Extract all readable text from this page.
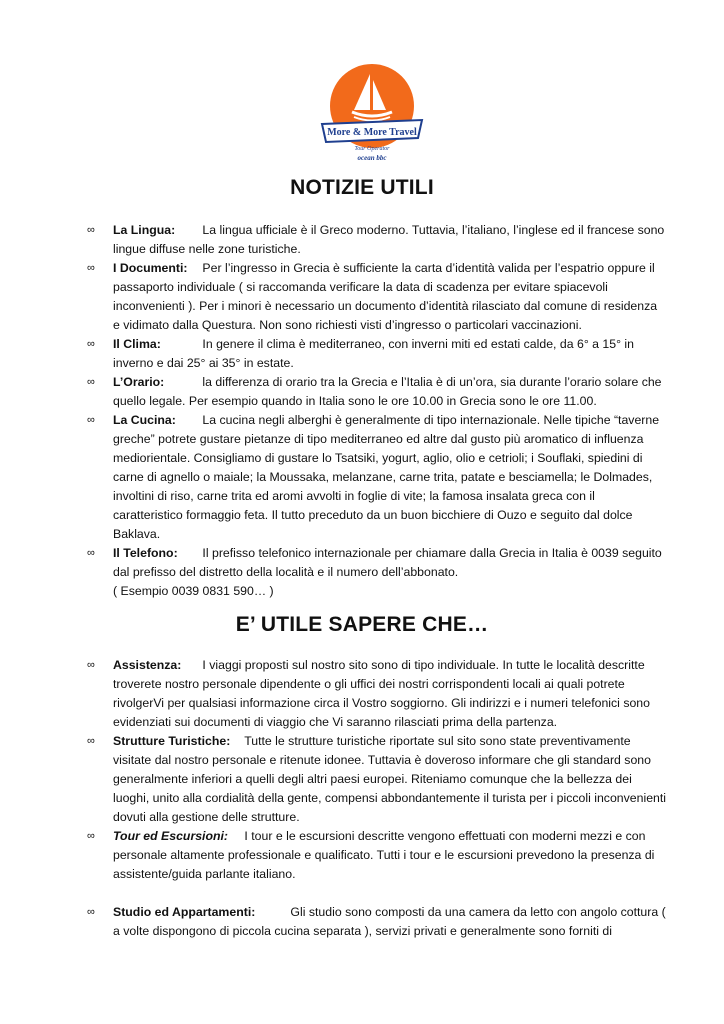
More & More Travel
Tour Operator
ocean bbc
NOTIZIE UTILI
∞ La Lingua: La lingua ufficiale è il Greco moderno. Tuttavia, l’italiano, l’inglese ed il francese sono lingue diffuse nelle zone turistiche.
∞ I Documenti: Per l’ingresso in Grecia è sufficiente la carta d’identità valida per l’espatrio oppure il passaporto individuale ( si raccomanda verificare la data di scadenza per evitare spiacevoli inconvenienti ). Per i minori è necessario un documento d’identità rilasciato dal comune di residenza e vidimato dalla Questura. Non sono richiesti visti d’ingresso o particolari vaccinazioni.
∞ Il Clima:	In genere il clima è mediterraneo, con inverni miti ed estati calde, da 6° a 15° in inverno e dai 25° ai 35° in estate.
∞ L’Orario:	la differenza di orario tra la Grecia e l’Italia è di un’ora, sia durante l’orario solare che quello legale. Per esempio quando in Italia sono le ore 10.00 in Grecia sono le ore 11.00.
∞ La Cucina: La cucina negli alberghi è generalmente di tipo internazionale. Nelle tipiche “taverne greche” potrete gustare pietanze di tipo mediterraneo ed altre dal gusto più aromatico di influenza mediorientale. Consigliamo di gustare lo Tsatsiki, yogurt, aglio, olio e cetrioli; i Souflaki, spiedini di carne di agnello o maiale; la Moussaka, melanzane, carne trita, patate e besciamella; le Dolmades, involtini di riso, carne trita ed aromi avvolti in foglie di vite; la famosa insalata greca con il caratteristico formaggio feta. Il tutto preceduto da un buon bicchiere di Ouzo e seguito dal dolce Baklava.
∞ Il Telefono: Il prefisso telefonico internazionale per chiamare dalla Grecia in Italia è 0039 seguito dal prefisso del distretto della località e il numero dell’abbonato.
( Esempio 0039 0831 590… )
E’ UTILE SAPERE CHE…
∞ Assistenza: I viaggi proposti sul nostro sito sono di tipo individuale. In tutte le località descritte troverete nostro personale dipendente o gli uffici dei nostri corrispondenti locali ai quali potrete rivolgerVi per qualsiasi informazione circa il Vostro soggiorno. Gli indirizzi e i numeri telefonici sono evidenziati sui documenti di viaggio che Vi saranno rilasciati prima della partenza.
∞ Strutture Turistiche: Tutte le strutture turistiche riportate sul sito sono state preventivamente visitate dal nostro personale e ritenute idonee. Tuttavia è doveroso informare che gli standard sono generalmente inferiori a quelli degli altri paesi europei. Riteniamo comunque che la bellezza dei luoghi, unito alla cordialità della gente, compensi abbondantemente il turista per i piccoli inconvenienti dovuti alla gestione delle strutture.
∞ Tour ed Escursioni: I tour e le escursioni descritte vengono effettuati con moderni mezzi e con personale altamente professionale e qualificato. Tutti i tour e le escursioni prevedono la presenza di assistente/guida parlante italiano.
∞ Studio ed Appartamenti:	Gli studio sono composti da una camera da letto con angolo cottura ( a volte dispongono di piccola cucina separata ), servizi privati e generalmente sono forniti di
